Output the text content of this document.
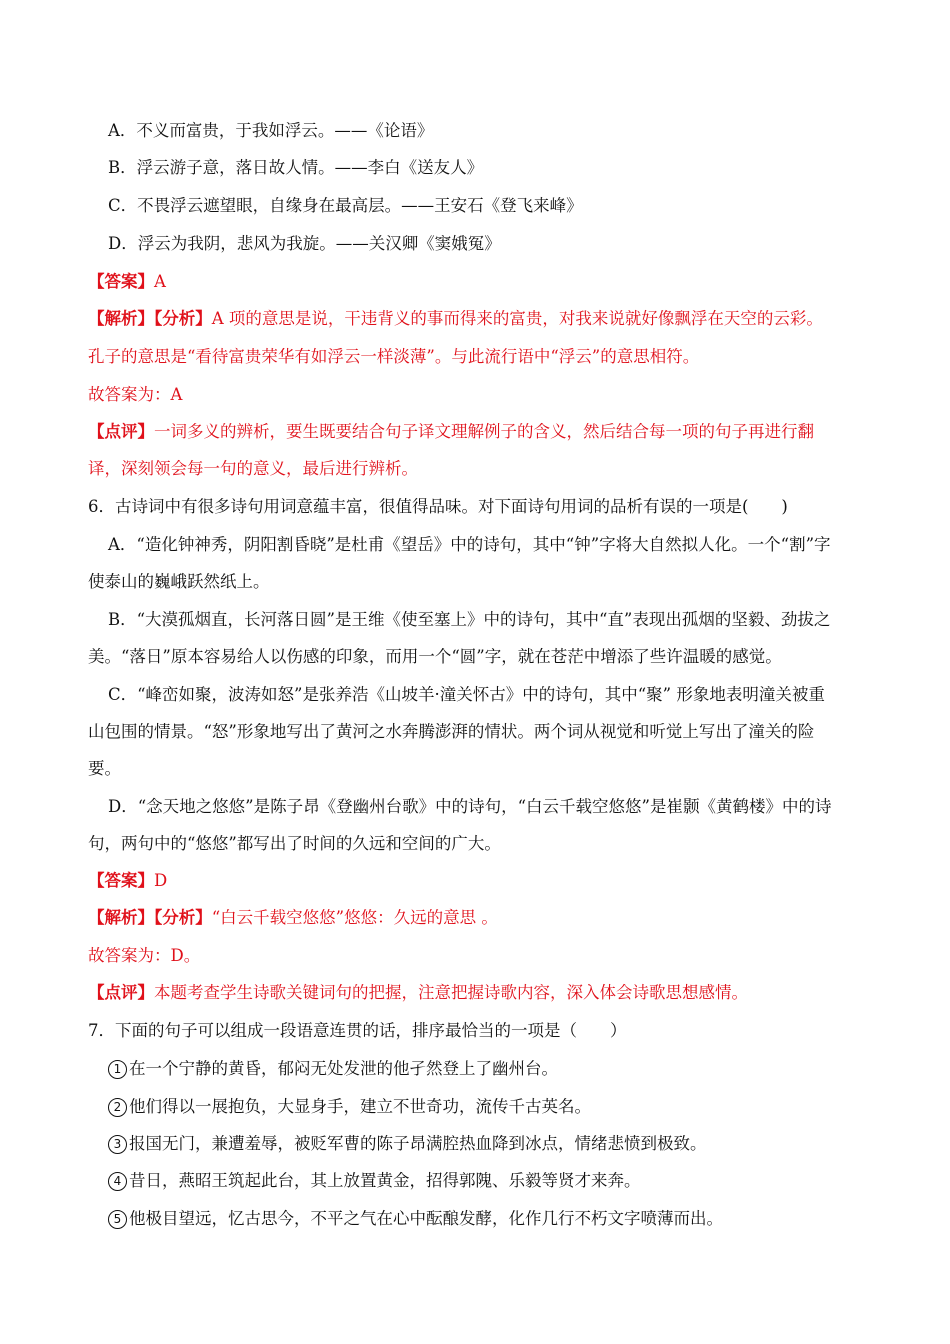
A．不义而富贵，于我如浮云。——《论语》
B．浮云游子意，落日故人情。——李白《送友人》
C．不畏浮云遮望眼，自缘身在最高层。——王安石《登飞来峰》
D．浮云为我阴，悲风为我旋。——关汉卿《窦娥冤》
【答案】A
【解析】【分析】A 项的意思是说，干违背义的事而得来的富贵，对我来说就好像飘浮在天空的云彩。
孔子的意思是“看待富贵荣华有如浮云一样淡薄”。与此流行语中“浮云”的意思相符。
故答案为：A
【点评】一词多义的辨析，要生既要结合句子译文理解例子的含义，然后结合每一项的句子再进行翻
译，深刻领会每一句的意义，最后进行辨析。
6．古诗词中有很多诗句用词意蕴丰富，很值得品味。对下面诗句用词的品析有误的一项是(　　)
A．“造化钟神秀，阴阳割昏晓”是杜甫《望岳》中的诗句，其中“钟”字将大自然拟人化。一个“割”字
使泰山的巍峨跃然纸上。
B．“大漠孤烟直，长河落日圆”是王维《使至塞上》中的诗句，其中“直”表现出孤烟的坚毅、劲拔之
美。“落日”原本容易给人以伤感的印象，而用一个“圆”字，就在苍茫中增添了些许温暖的感觉。
C．“峰峦如聚，波涛如怒”是张养浩《山坡羊·潼关怀古》中的诗句，其中“聚” 形象地表明潼关被重
山包围的情景。“怒”形象地写出了黄河之水奔腾澎湃的情状。两个词从视觉和听觉上写出了潼关的险
要。
D．“念天地之悠悠”是陈子昂《登幽州台歌》中的诗句，“白云千载空悠悠”是崔颢《黄鹤楼》中的诗
句，两句中的“悠悠”都写出了时间的久远和空间的广大。
【答案】D
【解析】【分析】“白云千载空悠悠”悠悠：久远的意思 。
故答案为：D。
【点评】本题考查学生诗歌关键词句的把握，注意把握诗歌内容，深入体会诗歌思想感情。
7．下面的句子可以组成一段语意连贯的话，排序最恰当的一项是（　　）
1 在一个宁静的黄昏，郁闷无处发泄的他孑然登上了幽州台。
2 他们得以一展抱负，大显身手，建立不世奇功，流传千古英名。
3 报国无门，兼遭羞辱，被贬军曹的陈子昂满腔热血降到冰点，情绪悲愤到极致。
4 昔日，燕昭王筑起此台，其上放置黄金，招得郭隗、乐毅等贤才来奔。
5 他极目望远，忆古思今，不平之气在心中酝酿发酵，化作几行不朽文字喷薄而出。
